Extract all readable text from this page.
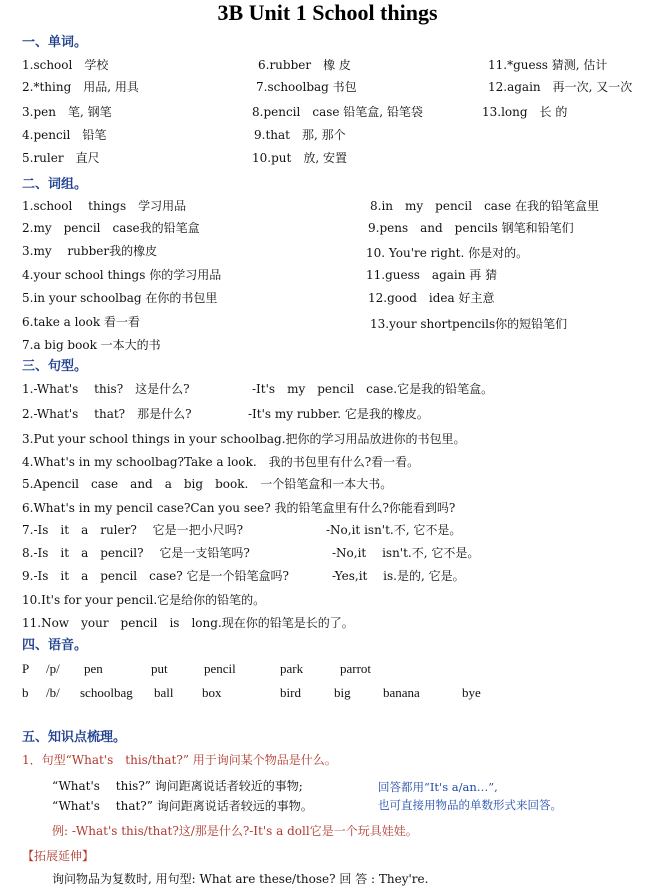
3B Unit 1 School things
一、单词。
1.school　学校	6.rubber　橡 皮	11.*guess 猜测, 估计
2.*thing　用品, 用具	7.schoolbag 书包	12.again　再一次, 又一次
3.pen　笔, 钢笔	8.pencil　case 铅笔盒, 铅笔袋	13.long　长 的
4.pencil　铅笔	9.that　那, 那个
5.ruler　直尺	10.put　放, 安置
二、词组。
1.school　 things　学习用品	8.in　my　pencil　case 在我的铅笔盒里
2.my　pencil　case我的铅笔盒	9.pens　and　pencils 钢笔和铅笔们
3.my　 rubber我的橡皮	10. You're right. 你是对的。
4.your school things 你的学习用品	11.guess　again 再 猜
5.in your schoolbag 在你的书包里	12.good　idea 好主意
6.take a look 看一看	13.your shortpencils你的短铅笔们
7.a big book 一本大的书
三、句型。
1.-What's　 this?　这是什么?	-It's　my　pencil　case.它是我的铅笔盒。
2.-What's　 that?　那是什么?	-It's my rubber. 它是我的橡皮。
3.Put your school things in your schoolbag.把你的学习用品放进你的书包里。
4.What's in my schoolbag?Take a look.　我的书包里有什么?看一看。
5.Apencil　case　and　a　big　book.　一个铅笔盒和一本大书。
6.What's in my pencil case?Can you see? 我的铅笔盒里有什么?你能看到吗?
7.-Is　it　a　ruler?　 它是一把小尺吗?	-No,it isn't.不, 它不是。
8.-Is　it　a　pencil?　 它是一支铅笔吗?	-No,it　 isn't.不, 它不是。
9.-Is　it　a　pencil　case? 它是一个铅笔盒吗?	-Yes,it　 is.是的, 它是。
10.It's for your pencil.它是给你的铅笔的。
11.Now　your　pencil　is　long.现在你的铅笔是长的了。
四、语音。
P /p/ pen	put	pencil	park	parrot
b /b/ schoolbag ball box	bird	big banana	bye
五、知识点梳理。
1．句型“What's　this/that?” 用于询问某个物品是什么。
“What's　 this?” 询问距离说话者较近的事物;
“What's　 that?” 询问距离说话者较远的事物。
回答都用“It's a/an…”,
也可直接用物品的单数形式来回答。
例: -What's this/that?这/那是什么?-It's a doll它是一个玩具娃娃。
【拓展延伸】
询问物品为复数时, 用句型: What are these/those? 回 答 : They're.
